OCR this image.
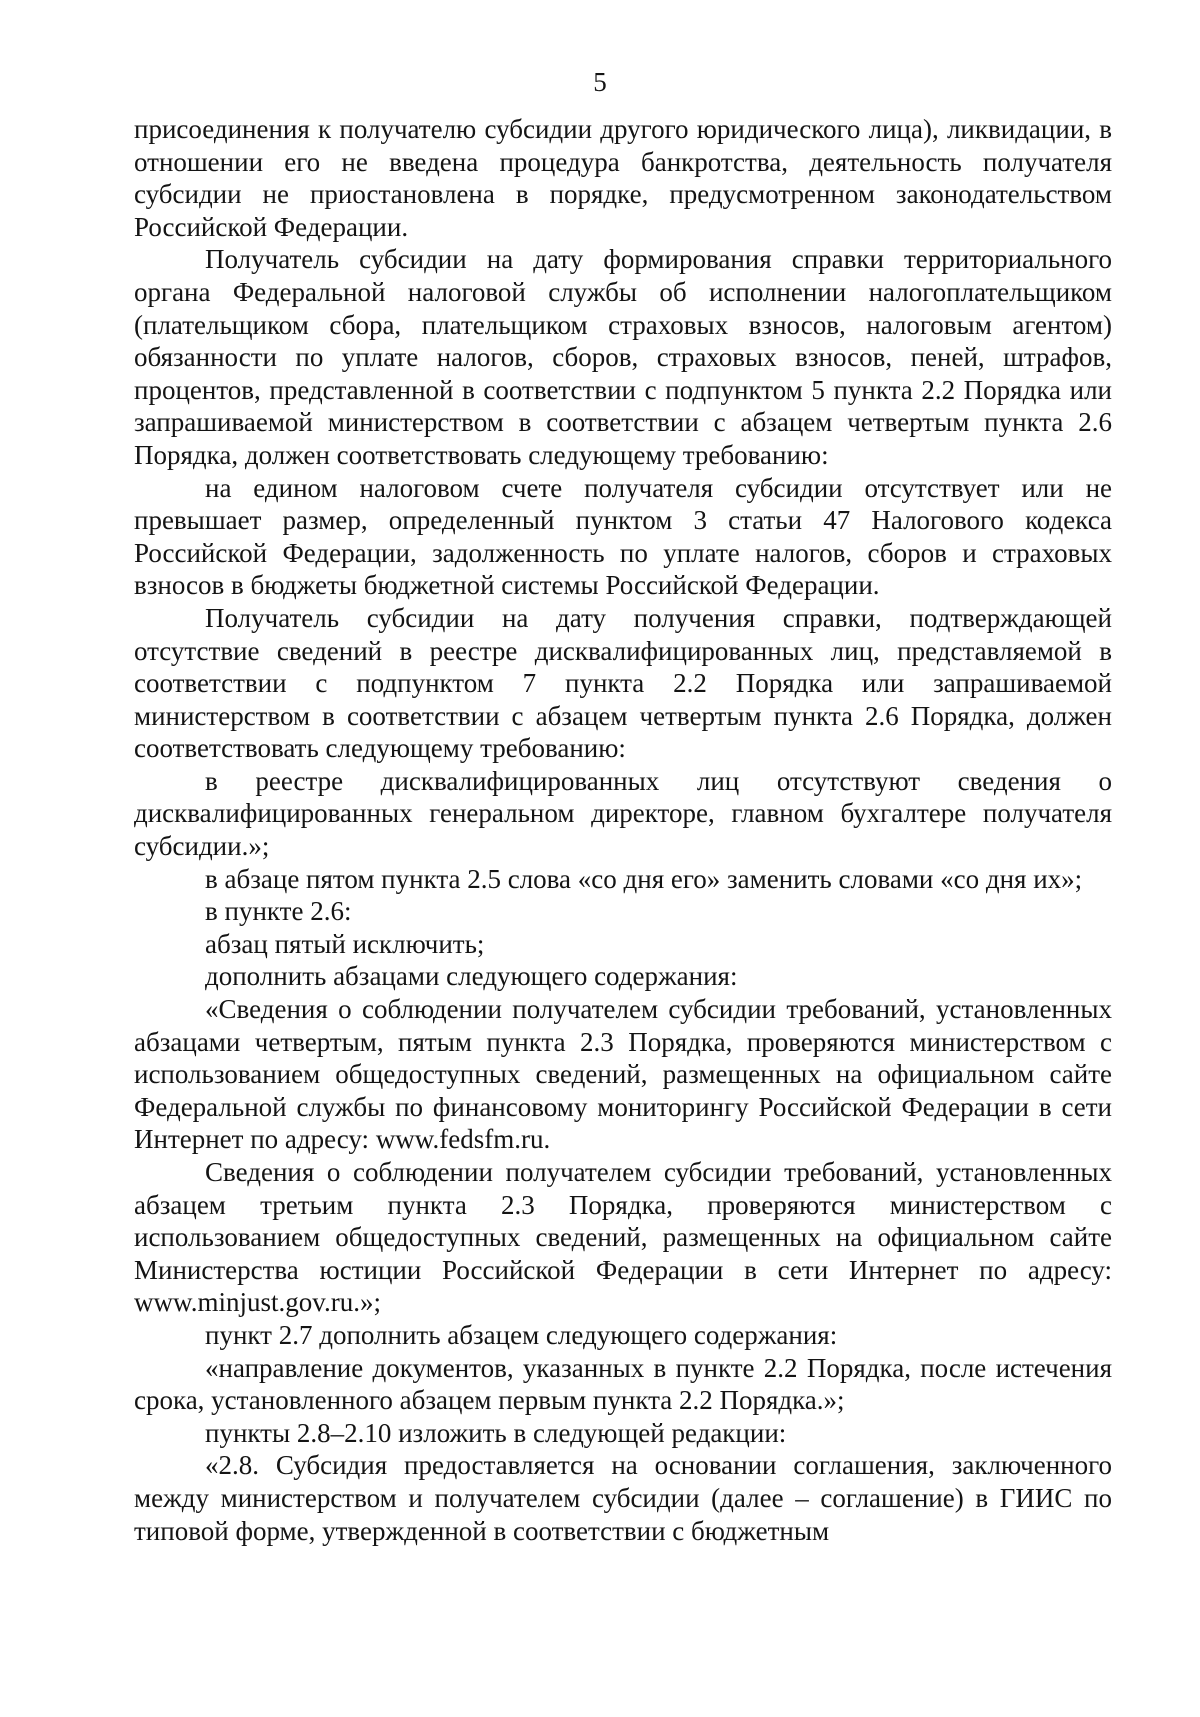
5

присоединения к получателю субсидии другого юридического лица), ликвидации, в отношении его не введена процедура банкротства, деятельность получателя субсидии не приостановлена в порядке, предусмотренном законодательством Российской Федерации.

Получатель субсидии на дату формирования справки территориального органа Федеральной налоговой службы об исполнении налогоплательщиком (плательщиком сбора, плательщиком страховых взносов, налоговым агентом) обязанности по уплате налогов, сборов, страховых взносов, пеней, штрафов, процентов, представленной в соответствии с подпунктом 5 пункта 2.2 Порядка или запрашиваемой министерством в соответствии с абзацем четвертым пункта 2.6 Порядка, должен соответствовать следующему требованию:

на едином налоговом счете получателя субсидии отсутствует или не превышает размер, определенный пунктом 3 статьи 47 Налогового кодекса Российской Федерации, задолженность по уплате налогов, сборов и страховых взносов в бюджеты бюджетной системы Российской Федерации.

Получатель субсидии на дату получения справки, подтверждающей отсутствие сведений в реестре дисквалифицированных лиц, представляемой в соответствии с подпунктом 7 пункта 2.2 Порядка или запрашиваемой министерством в соответствии с абзацем четвертым пункта 2.6 Порядка, должен соответствовать следующему требованию:

в реестре дисквалифицированных лиц отсутствуют сведения о дисквалифицированных генеральном директоре, главном бухгалтере получателя субсидии.»;

в абзаце пятом пункта 2.5 слова «со дня его» заменить словами «со дня их»;

в пункте 2.6:

абзац пятый исключить;

дополнить абзацами следующего содержания:

«Сведения о соблюдении получателем субсидии требований, установленных абзацами четвертым, пятым пункта 2.3 Порядка, проверяются министерством с использованием общедоступных сведений, размещенных на официальном сайте Федеральной службы по финансовому мониторингу Российской Федерации в сети Интернет по адресу: www.fedsfm.ru.

Сведения о соблюдении получателем субсидии требований, установленных абзацем третьим пункта 2.3 Порядка, проверяются министерством с использованием общедоступных сведений, размещенных на официальном сайте Министерства юстиции Российской Федерации в сети Интернет по адресу: www.minjust.gov.ru.»;

пункт 2.7 дополнить абзацем следующего содержания:

«направление документов, указанных в пункте 2.2 Порядка, после истечения срока, установленного абзацем первым пункта 2.2 Порядка.»;

пункты 2.8–2.10 изложить в следующей редакции:

«2.8. Субсидия предоставляется на основании соглашения, заключенного между министерством и получателем субсидии (далее – соглашение) в ГИИС по типовой форме, утвержденной в соответствии с бюджетным
